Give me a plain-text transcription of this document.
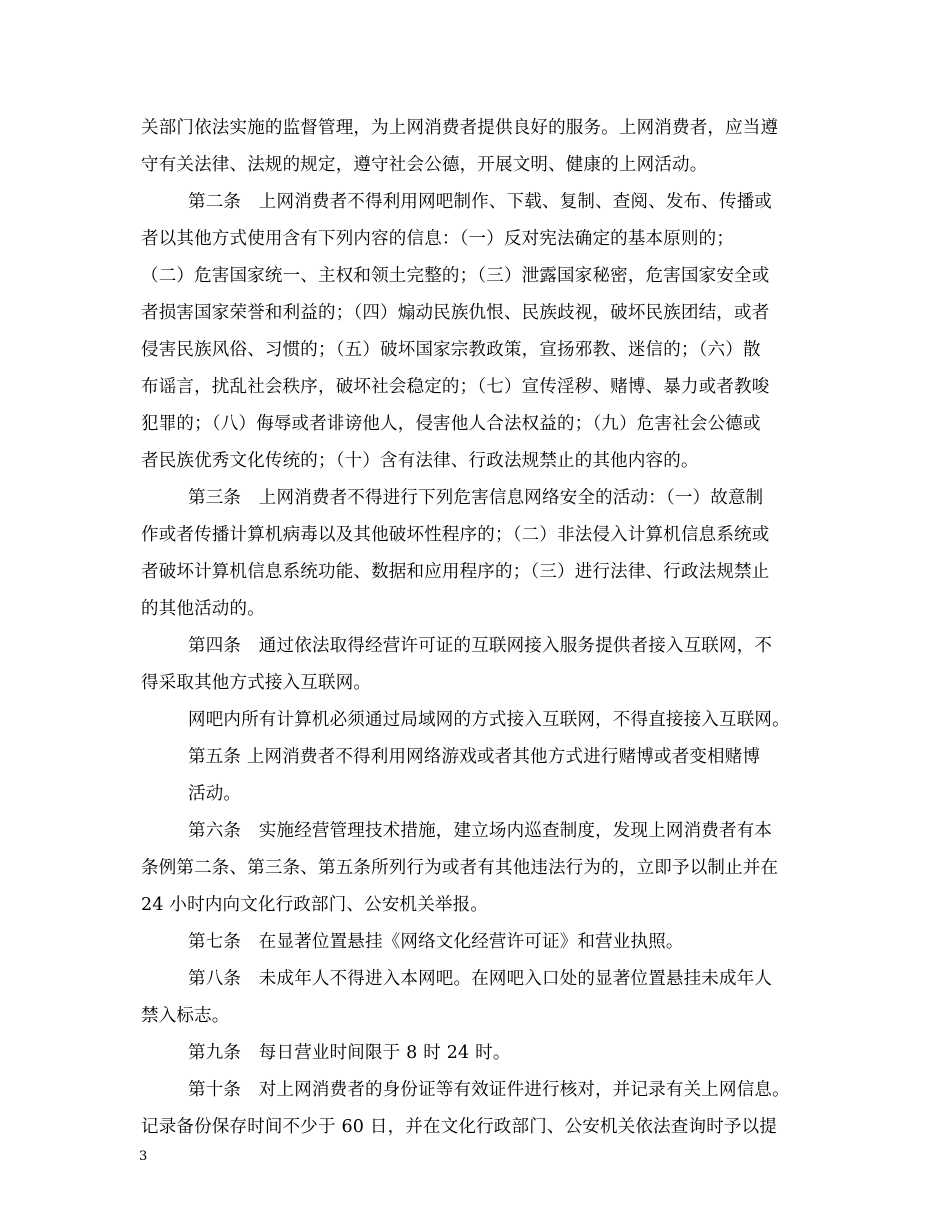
关部门依法实施的监督管理，为上网消费者提供良好的服务。上网消费者，应当遵
守有关法律、法规的规定，遵守社会公德，开展文明、健康的上网活动。
第二条　上网消费者不得利用网吧制作、下载、复制、查阅、发布、传播或
者以其他方式使用含有下列内容的信息：（一）反对宪法确定的基本原则的；
（二）危害国家统一、主权和领土完整的；（三）泄露国家秘密，危害国家安全或
者损害国家荣誉和利益的；（四）煽动民族仇恨、民族歧视，破坏民族团结，或者
侵害民族风俗、习惯的；（五）破坏国家宗教政策，宣扬邪教、迷信的；（六）散
布谣言，扰乱社会秩序，破坏社会稳定的；（七）宣传淫秽、赌博、暴力或者教唆
犯罪的；（八）侮辱或者诽谤他人，侵害他人合法权益的；（九）危害社会公德或
者民族优秀文化传统的；（十）含有法律、行政法规禁止的其他内容的。
第三条　上网消费者不得进行下列危害信息网络安全的活动：（一）故意制
作或者传播计算机病毒以及其他破坏性程序的；（二）非法侵入计算机信息系统或
者破坏计算机信息系统功能、数据和应用程序的；（三）进行法律、行政法规禁止
的其他活动的。
第四条　通过依法取得经营许可证的互联网接入服务提供者接入互联网，不
得采取其他方式接入互联网。
网吧内所有计算机必须通过局域网的方式接入互联网，不得直接接入互联网。
第五条 上网消费者不得利用网络游戏或者其他方式进行赌博或者变相赌博
活动。
第六条　实施经营管理技术措施，建立场内巡查制度，发现上网消费者有本
条例第二条、第三条、第五条所列行为或者有其他违法行为的，立即予以制止并在
24 小时内向文化行政部门、公安机关举报。
第七条　在显著位置悬挂《网络文化经营许可证》和营业执照。
第八条　未成年人不得进入本网吧。在网吧入口处的显著位置悬挂未成年人
禁入标志。
第九条　每日营业时间限于 8 时 24 时。
第十条　对上网消费者的身份证等有效证件进行核对，并记录有关上网信息。
记录备份保存时间不少于 60 日，并在文化行政部门、公安机关依法查询时予以提
3
